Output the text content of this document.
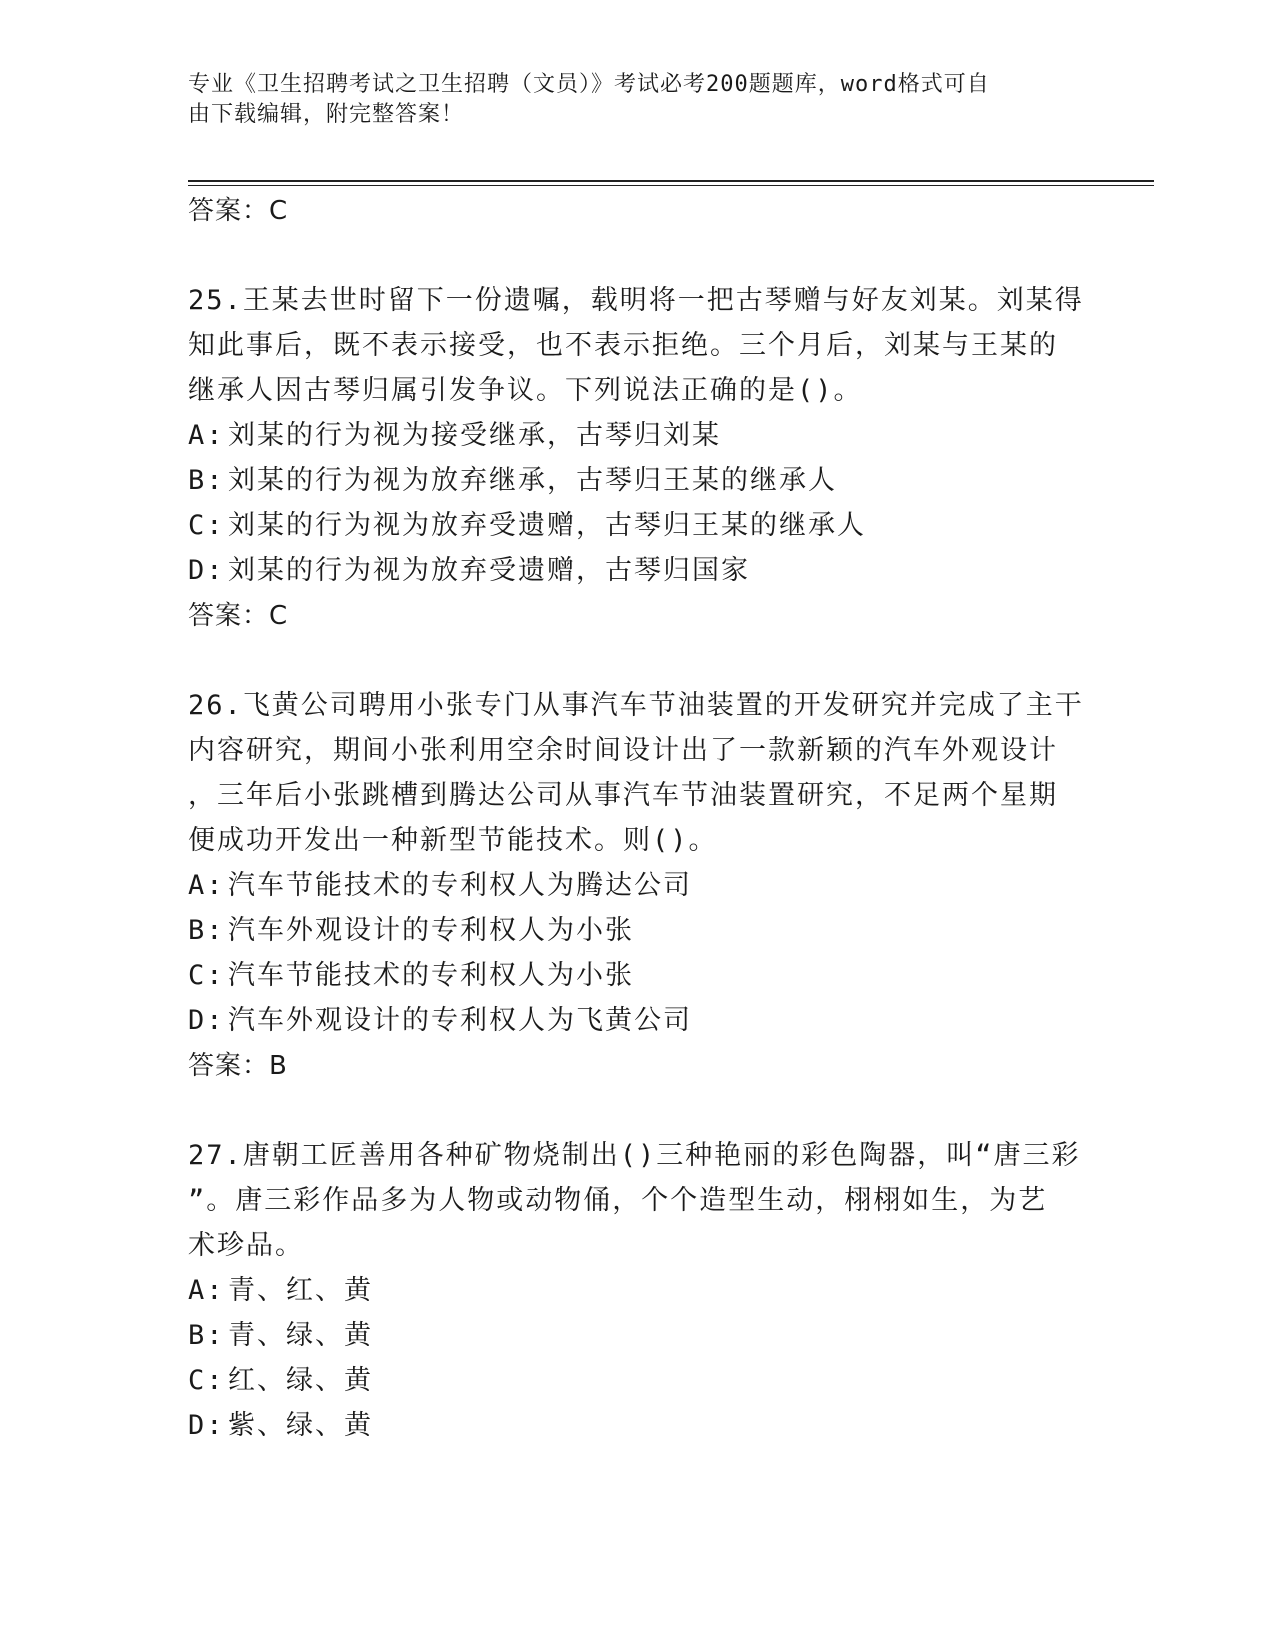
专业《卫生招聘考试之卫生招聘（文员）》考试必考200题题库，word格式可自
由下载编辑，附完整答案！

答案：C

25.王某去世时留下一份遗嘱，载明将一把古琴赠与好友刘某。刘某得
知此事后，既不表示接受，也不表示拒绝。三个月后，刘某与王某的
继承人因古琴归属引发争议。下列说法正确的是()。

A: 刘某的行为视为接受继承，古琴归刘某

B: 刘某的行为视为放弃继承，古琴归王某的继承人

C: 刘某的行为视为放弃受遗赠，古琴归王某的继承人

D: 刘某的行为视为放弃受遗赠，古琴归国家

答案：C

26.飞黄公司聘用小张专门从事汽车节油装置的开发研究并完成了主干
内容研究，期间小张利用空余时间设计出了一款新颖的汽车外观设计
，三年后小张跳槽到腾达公司从事汽车节油装置研究，不足两个星期
便成功开发出一种新型节能技术。则()。

A: 汽车节能技术的专利权人为腾达公司

B: 汽车外观设计的专利权人为小张

C: 汽车节能技术的专利权人为小张

D: 汽车外观设计的专利权人为飞黄公司

答案：B

27.唐朝工匠善用各种矿物烧制出()三种艳丽的彩色陶器，叫“唐三彩
”。唐三彩作品多为人物或动物俑，个个造型生动，栩栩如生，为艺
术珍品。

A: 青、红、黄

B: 青、绿、黄

C: 红、绿、黄

D: 紫、绿、黄
